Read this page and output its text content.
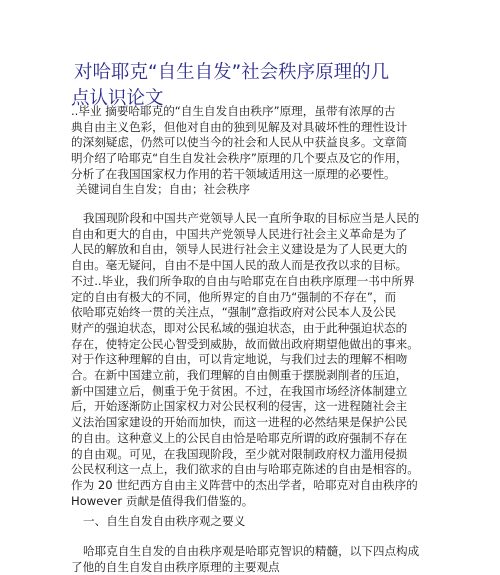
对哈耶克“自生自发”社会秩序原理的几
点认识论文
..毕业 摘要哈耶克的“自生自发自由秩序”原理，虽带有浓厚的古
典自由主义色彩，但他对自由的独到见解及对具破坏性的理性设计
的深刻疑虑，仍然可以使当今的社会和人民从中获益良多。文章简
明介绍了哈耶克“自生自发社会秩序”原理的几个要点及它的作用，
分析了在我国国家权力作用的若干领域适用这一原理的必要性。
关键词自生自发；自由；社会秩序
我国现阶段和中国共产党领导人民一直所争取的目标应当是人民的
自由和更大的自由，中国共产党领导人民进行社会主义革命是为了
人民的解放和自由，领导人民进行社会主义建设是为了人民更大的
自由。毫无疑问，自由不是中国人民的敌人而是孜孜以求的目标。
不过..毕业，我们所争取的自由与哈耶克在自由秩序原理一书中所界
定的自由有极大的不同，他所界定的自由乃“强制的不存在”，而
依哈耶克始终一贯的关注点，“强制”意指政府对公民本人及公民
财产的强迫状态，即对公民私域的强迫状态，由于此种强迫状态的
存在，使特定公民心智受到威胁，故而做出政府期望他做出的事来。
对于作这种理解的自由，可以肯定地说，与我们过去的理解不相吻
合。在新中国建立前，我们理解的自由侧重于摆脱剥削者的压迫，
新中国建立后，侧重于免于贫困。不过，在我国市场经济体制建立
后，开始逐渐防止国家权力对公民权利的侵害，这一进程随社会主
义法治国家建设的开始而加快，而这一进程的必然结果是保护公民
的自由。这种意义上的公民自由恰是哈耶克所谓的政府强制不存在
的自由观。可见，在我国现阶段，至少就对限制政府权力滥用侵损
公民权利这一点上，我们欲求的自由与哈耶克陈述的自由是相容的。
作为 20 世纪西方自由主义阵营中的杰出学者，哈耶克对自由秩序的
However 贡献是值得我们借鉴的。
一、自生自发自由秩序观之要义
哈耶克自生自发的自由秩序观是哈耶克智识的精髓，以下四点构成
了他的自生自发自由秩序原理的主要观点
